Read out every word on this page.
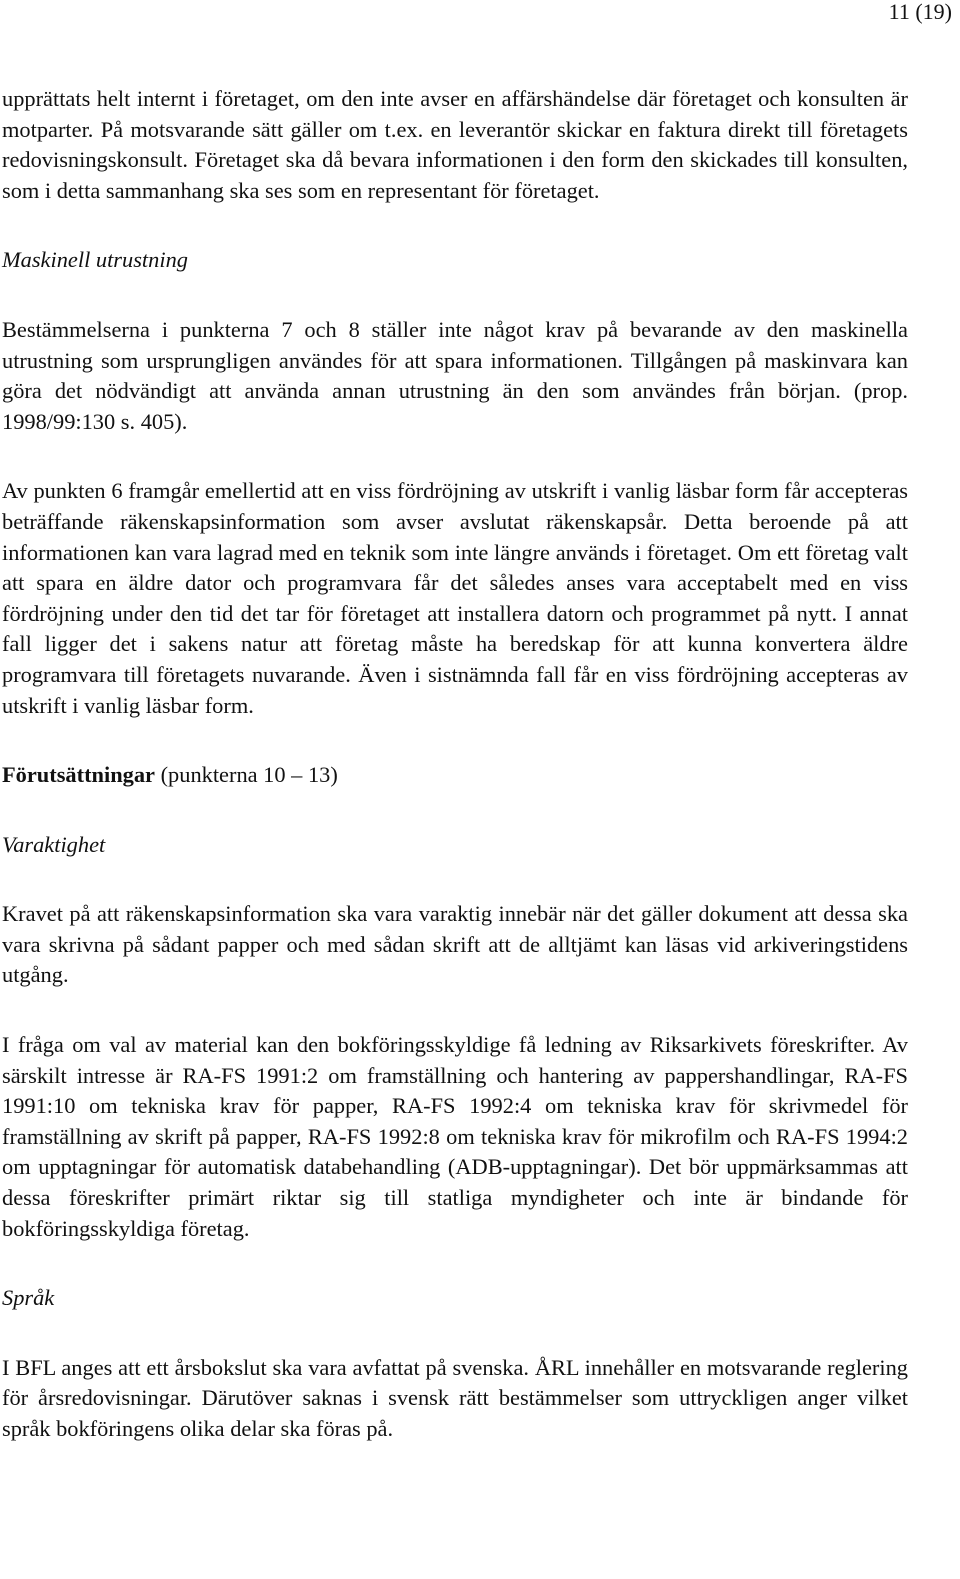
11 (19)

upprättats helt internt i företaget, om den inte avser en affärshändelse där företaget och konsulten är motparter. På motsvarande sätt gäller om t.ex. en leverantör skickar en faktura direkt till företagets redovisningskonsult. Företaget ska då bevara informationen i den form den skickades till konsulten, som i detta sammanhang ska ses som en representant för företaget.

Maskinell utrustning

Bestämmelserna i punkterna 7 och 8 ställer inte något krav på bevarande av den maskinella utrustning som ursprungligen användes för att spara informationen. Tillgången på maskinvara kan göra det nödvändigt att använda annan utrustning än den som användes från början. (prop. 1998/99:130 s. 405).

Av punkten 6 framgår emellertid att en viss fördröjning av utskrift i vanlig läsbar form får accepteras beträffande räkenskapsinformation som avser avslutat räkenskapsår. Detta beroende på att informationen kan vara lagrad med en teknik som inte längre används i företaget. Om ett företag valt att spara en äldre dator och programvara får det således anses vara acceptabelt med en viss fördröjning under den tid det tar för företaget att installera datorn och programmet på nytt. I annat fall ligger det i sakens natur att företag måste ha beredskap för att kunna konvertera äldre programvara till företagets nuvarande. Även i sistnämnda fall får en viss fördröjning accepteras av utskrift i vanlig läsbar form.

Förutsättningar (punkterna 10 – 13)

Varaktighet

Kravet på att räkenskapsinformation ska vara varaktig innebär när det gäller dokument att dessa ska vara skrivna på sådant papper och med sådan skrift att de alltjämt kan läsas vid arkiveringstidens utgång.

I fråga om val av material kan den bokföringsskyldige få ledning av Riksarkivets föreskrifter. Av särskilt intresse är RA-FS 1991:2 om framställning och hantering av pappershandlingar, RA-FS 1991:10 om tekniska krav för papper, RA-FS 1992:4 om tekniska krav för skrivmedel för framställning av skrift på papper, RA-FS 1992:8 om tekniska krav för mikrofilm och RA-FS 1994:2 om upptagningar för automatisk databehandling (ADB-upptagningar). Det bör uppmärksammas att dessa föreskrifter primärt riktar sig till statliga myndigheter och inte är bindande för bokföringsskyldiga företag.

Språk

I BFL anges att ett årsbokslut ska vara avfattat på svenska. ÅRL innehåller en motsvarande reglering för årsredovisningar. Därutöver saknas i svensk rätt bestämmelser som uttryckligen anger vilket språk bokföringens olika delar ska föras på.
